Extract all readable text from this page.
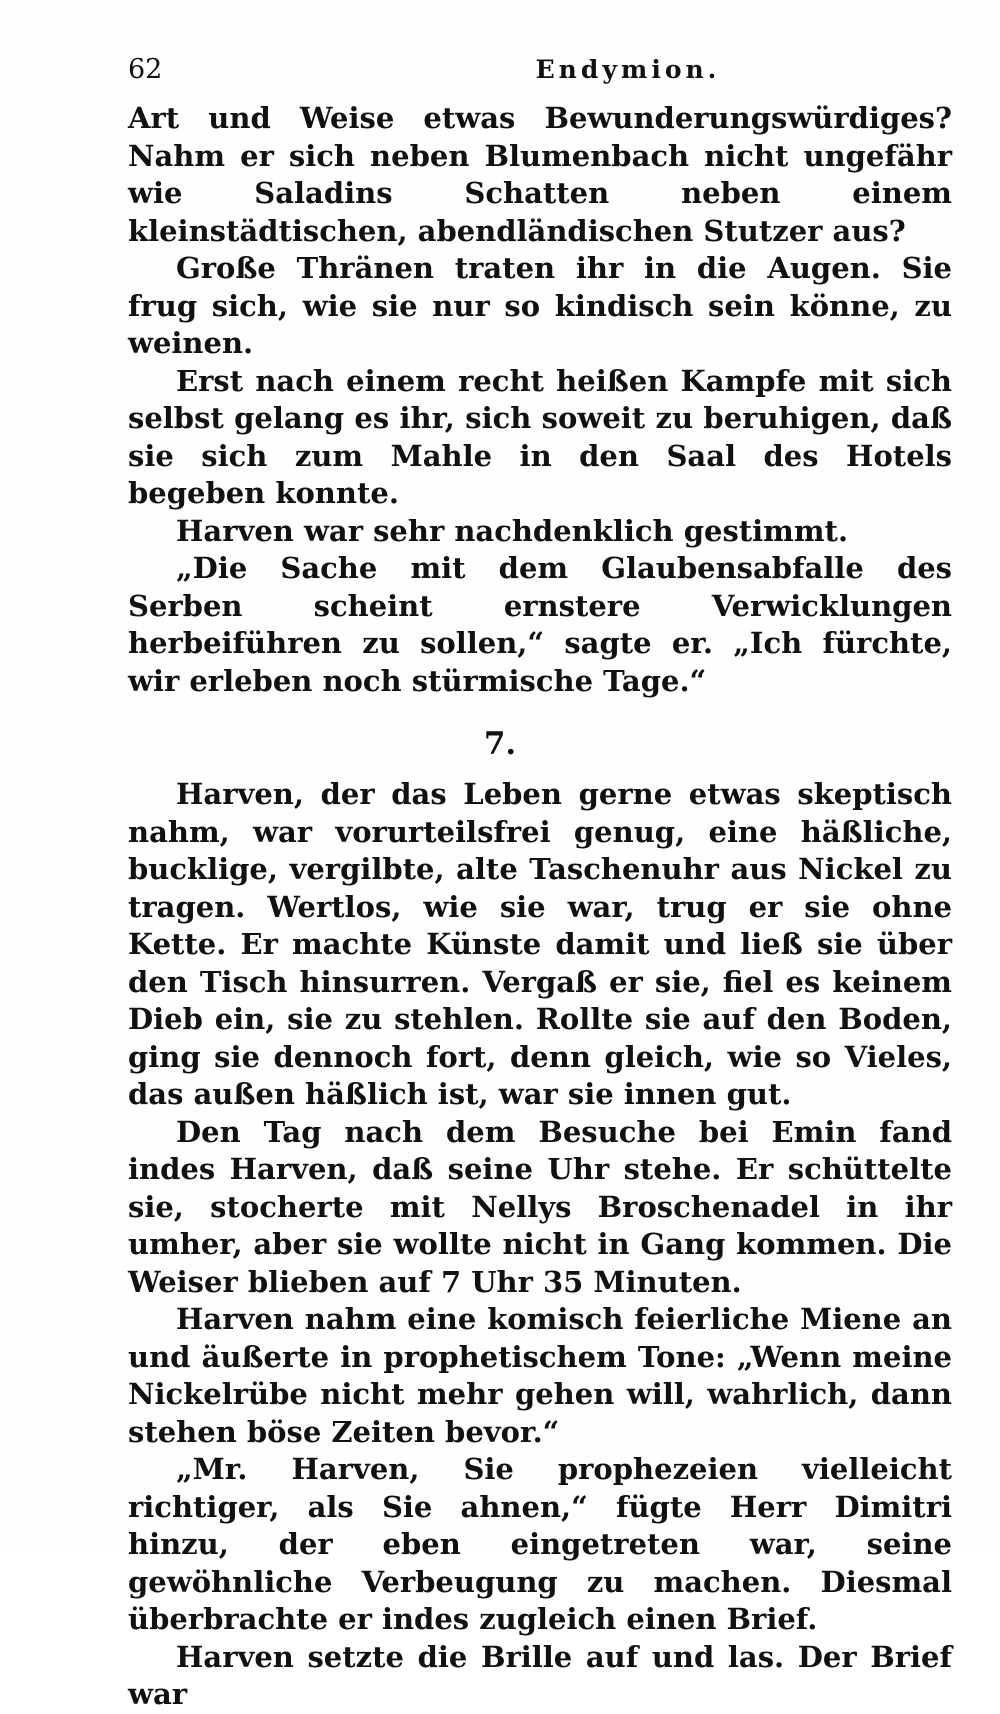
62	Endymion.

Art und Weise etwas Bewunderungswürdiges? Nahm er sich neben Blumenbach nicht ungefähr wie Saladins Schatten neben einem kleinstädtischen, abendländischen Stutzer aus?

Große Thränen traten ihr in die Augen. Sie frug sich, wie sie nur so kindisch sein könne, zu weinen.

Erst nach einem recht heißen Kampfe mit sich selbst gelang es ihr, sich soweit zu beruhigen, daß sie sich zum Mahle in den Saal des Hotels begeben konnte.

Harven war sehr nachdenklich gestimmt.

„Die Sache mit dem Glaubensabfalle des Serben scheint ernstere Verwicklungen herbeiführen zu sollen,“ sagte er. „Ich fürchte, wir erleben noch stürmische Tage.“

7.

Harven, der das Leben gerne etwas skeptisch nahm, war vorurteilsfrei genug, eine häßliche, bucklige, vergilbte, alte Taschenuhr aus Nickel zu tragen. Wertlos, wie sie war, trug er sie ohne Kette. Er machte Künste damit und ließ sie über den Tisch hinsurren. Vergaß er sie, fiel es keinem Dieb ein, sie zu stehlen. Rollte sie auf den Boden, ging sie dennoch fort, denn gleich, wie so Vieles, das außen häßlich ist, war sie innen gut.

Den Tag nach dem Besuche bei Emin fand indes Harven, daß seine Uhr stehe. Er schüttelte sie, stocherte mit Nellys Broschenadel in ihr umher, aber sie wollte nicht in Gang kommen. Die Weiser blieben auf 7 Uhr 35 Minuten.

Harven nahm eine komisch feierliche Miene an und äußerte in prophetischem Tone: „Wenn meine Nickelrübe nicht mehr gehen will, wahrlich, dann stehen böse Zeiten bevor.“

„Mr. Harven, Sie prophezeien vielleicht richtiger, als Sie ahnen,“ fügte Herr Dimitri hinzu, der eben eingetreten war, seine gewöhnliche Verbeugung zu machen. Diesmal überbrachte er indes zugleich einen Brief.

Harven setzte die Brille auf und las. Der Brief war
